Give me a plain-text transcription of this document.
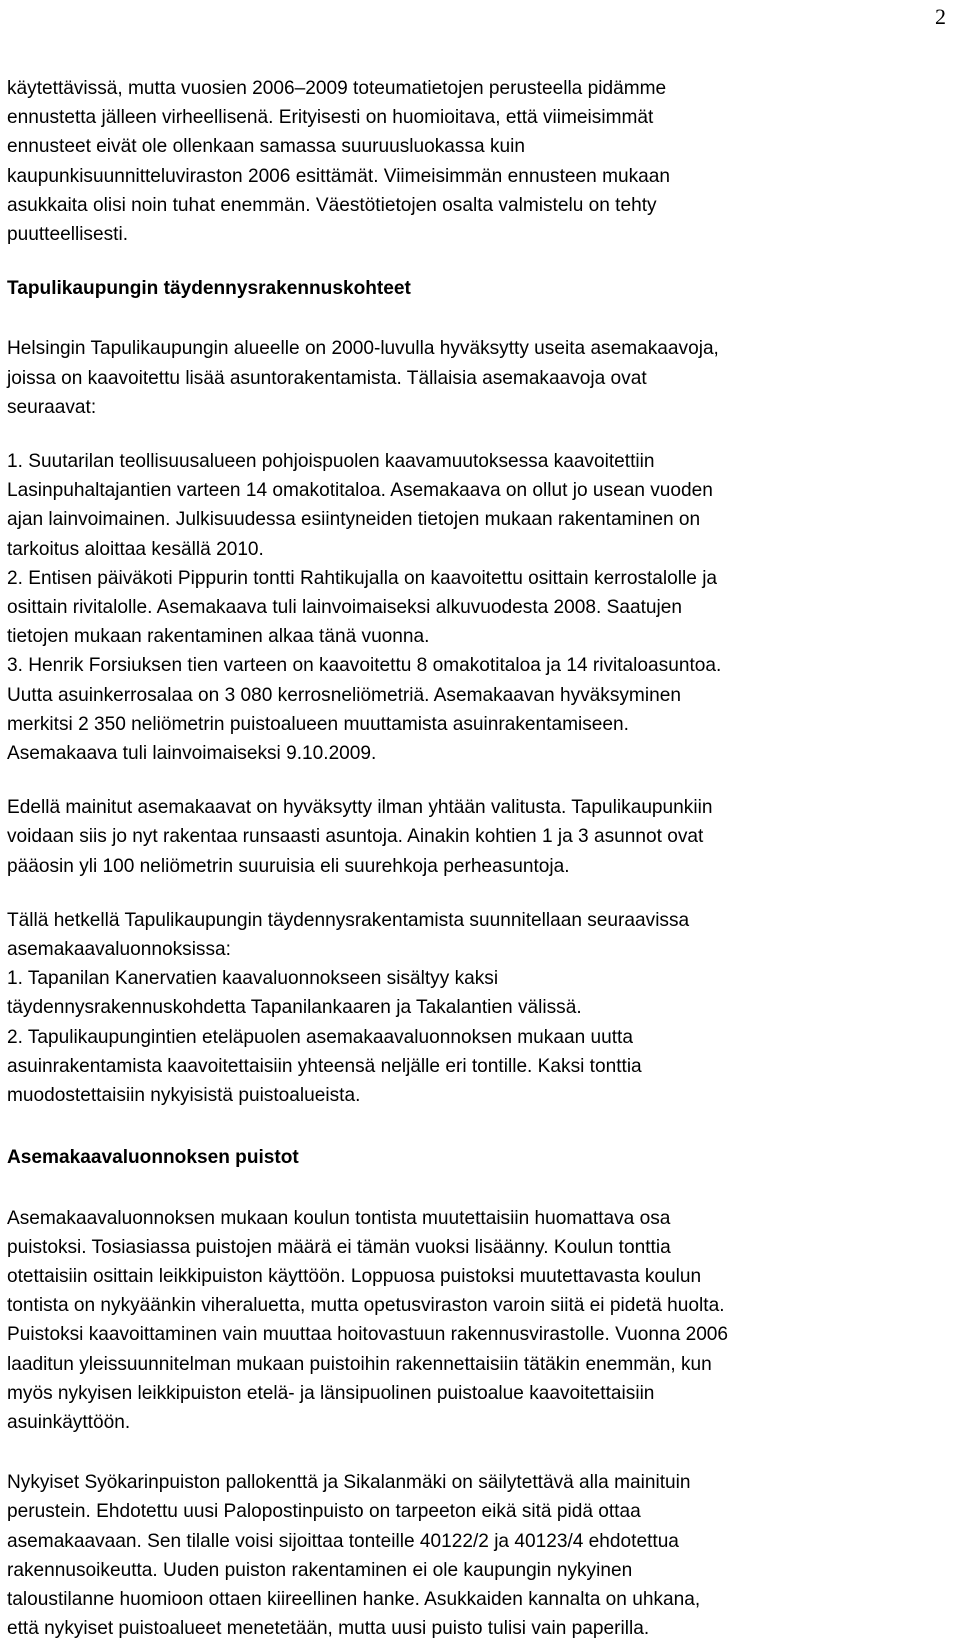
2

käytettävissä, mutta vuosien 2006–2009 toteumatietojen perusteella pidämme

ennustetta jälleen virheellisenä. Erityisesti on huomioitava, että viimeisimmät

ennusteet eivät ole ollenkaan samassa suuruusluokassa kuin

kaupunkisuunnitteluviraston 2006 esittämät. Viimeisimmän ennusteen mukaan

asukkaita olisi noin tuhat enemmän. Väestötietojen osalta valmistelu on tehty

puutteellisesti.

Tapulikaupungin täydennysrakennuskohteet

Helsingin Tapulikaupungin alueelle on 2000-luvulla hyväksytty useita asemakaavoja,

joissa on kaavoitettu lisää asuntorakentamista. Tällaisia asemakaavoja ovat

seuraavat:

1. Suutarilan teollisuusalueen pohjoispuolen kaavamuutoksessa kaavoitettiin

Lasinpuhaltajantien varteen 14 omakotitaloa. Asemakaava on ollut jo usean vuoden

ajan lainvoimainen. Julkisuudessa esiintyneiden tietojen mukaan rakentaminen on

tarkoitus aloittaa kesällä 2010.

2. Entisen päiväkoti Pippurin tontti Rahtikujalla on kaavoitettu osittain kerrostalolle ja

osittain rivitalolle. Asemakaava tuli lainvoimaiseksi alkuvuodesta 2008. Saatujen

tietojen mukaan rakentaminen alkaa tänä vuonna.

3. Henrik Forsiuksen tien varteen on kaavoitettu 8 omakotitaloa ja 14 rivitaloasuntoa.

Uutta asuinkerrosalaa on 3 080 kerrosneliömetriä. Asemakaavan hyväksyminen

merkitsi 2 350 neliömetrin puistoalueen muuttamista asuinrakentamiseen.

Asemakaava tuli lainvoimaiseksi 9.10.2009.

Edellä mainitut asemakaavat on hyväksytty ilman yhtään valitusta. Tapulikaupunkiin

voidaan siis jo nyt rakentaa runsaasti asuntoja. Ainakin kohtien 1 ja 3 asunnot ovat

pääosin yli 100 neliömetrin suuruisia eli suurehkoja perheasuntoja.

Tällä hetkellä Tapulikaupungin täydennysrakentamista suunnitellaan seuraavissa

asemakaavaluonnoksissa:

1. Tapanilan Kanervatien kaavaluonnokseen sisältyy kaksi

täydennysrakennuskohdetta Tapanilankaaren ja Takalantien välissä.

2. Tapulikaupungintien eteläpuolen asemakaavaluonnoksen mukaan uutta

asuinrakentamista kaavoitettaisiin yhteensä neljälle eri tontille. Kaksi tonttia

muodostettaisiin nykyisistä puistoalueista.

Asemakaavaluonnoksen puistot

Asemakaavaluonnoksen mukaan koulun tontista muutettaisiin huomattava osa

puistoksi. Tosiasiassa puistojen määrä ei tämän vuoksi lisäänny. Koulun tonttia

otettaisiin osittain leikkipuiston käyttöön. Loppuosa puistoksi muutettavasta koulun

tontista on nykyäänkin viheraluetta, mutta opetusviraston varoin siitä ei pidetä huolta.

Puistoksi kaavoittaminen vain muuttaa hoitovastuun rakennusvirastolle. Vuonna 2006

laaditun yleissuunnitelman mukaan puistoihin rakennettaisiin tätäkin enemmän, kun

myös nykyisen leikkipuiston etelä- ja länsipuolinen puistoalue kaavoitettaisiin

asuinkäyttöön.

Nykyiset Syökarinpuiston pallokenttä ja Sikalanmäki on säilytettävä alla mainituin

perustein. Ehdotettu uusi Palopostinpuisto on tarpeeton eikä sitä pidä ottaa

asemakaavaan. Sen tilalle voisi sijoittaa tonteille 40122/2 ja 40123/4 ehdotettua

rakennusoikeutta. Uuden puiston rakentaminen ei ole kaupungin nykyinen

taloustilanne huomioon ottaen kiireellinen hanke. Asukkaiden kannalta on uhkana,

että nykyiset puistoalueet menetetään, mutta uusi puisto tulisi vain paperilla.
